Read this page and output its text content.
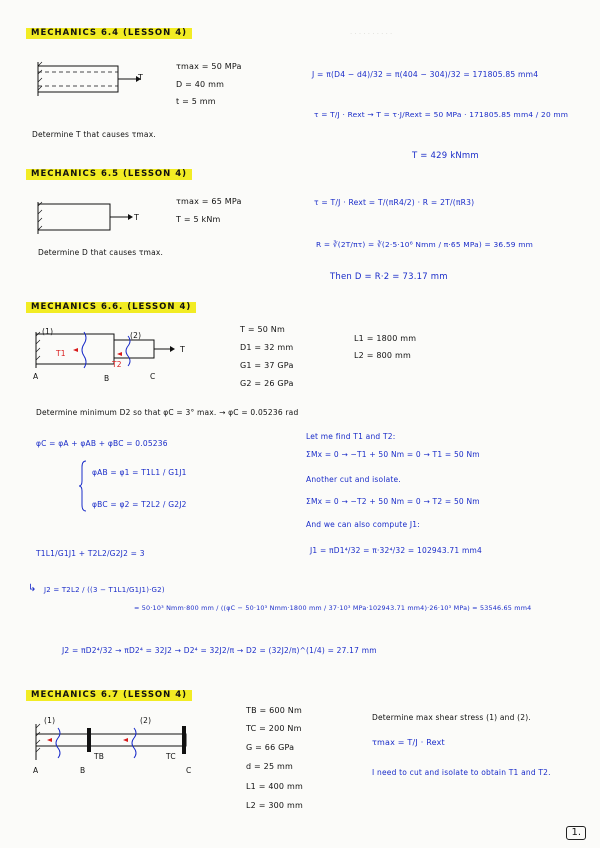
· · · · · · · · · ·
MECHANICS 6.4 (LESSON 4)
T
τmax = 50 MPa
D = 40 mm
t = 5 mm
Determine T that causes τmax.
J = π(D4 − d4)/32 = π(404 − 304)/32 = 171805.85 mm4
τ = T/J · Rext → T = τ·J/Rext = 50 MPa · 171805.85 mm4 / 20 mm
T = 429 kNmm
MECHANICS 6.5 (LESSON 4)
T
τmax = 65 MPa
T = 5 kNm
Determine D that causes τmax.
τ = T/J · Rext = T/(πR4/2) · R = 2T/(πR3)
R = ∛(2T/πτ) = ∛(2·5·10⁶ Nmm / π·65 MPa) = 36.59 mm
Then D = R·2 = 73.17 mm
MECHANICS 6.6. (LESSON 4)
(1)	(2)
T1
T2
A	B	C
T
T = 50 Nm
D1 = 32 mm
G1 = 37 GPa
G2 = 26 GPa
L1 = 1800 mm
L2 = 800 mm
Determine minimum D2 so that φC = 3° max. → φC = 0.05236 rad
φC = φA + φAB + φBC = 0.05236
φAB = φ1 = T1L1 / G1J1
φBC = φ2 = T2L2 / G2J2
Let me find T1 and T2:
ΣMx = 0 → −T1 + 50 Nm = 0 → T1 = 50 Nm
Another cut and isolate.
ΣMx = 0 → −T2 + 50 Nm = 0 → T2 = 50 Nm
And we can also compute J1:
T1L1/G1J1 + T2L2/G2J2 = 3	J1 = πD1⁴/32 = π·32⁴/32 = 102943.71 mm4
↳ J2 = T2L2 / ((3 − T1L1/G1J1)·G2)
= 50·10³ Nmm·800 mm / ((φC − 50·10³ Nmm·1800 mm / 37·10³ MPa·102943.71 mm4)·26·10³ MPa) = 53546.65 mm4
J2 = πD2⁴/32 → πD2⁴ = 32J2 → D2⁴ = 32J2/π → D2 = (32J2/π)^(1/4) = 27.17 mm
MECHANICS 6.7 (LESSON 4)
(1)	(2)
TB	TC
A	B	C
TB = 600 Nm
TC = 200 Nm
G = 66 GPa
d = 25 mm
L1 = 400 mm
L2 = 300 mm
Determine max shear stress (1) and (2).
τmax = T/J · Rext
I need to cut and isolate to obtain T1 and T2.
1.
